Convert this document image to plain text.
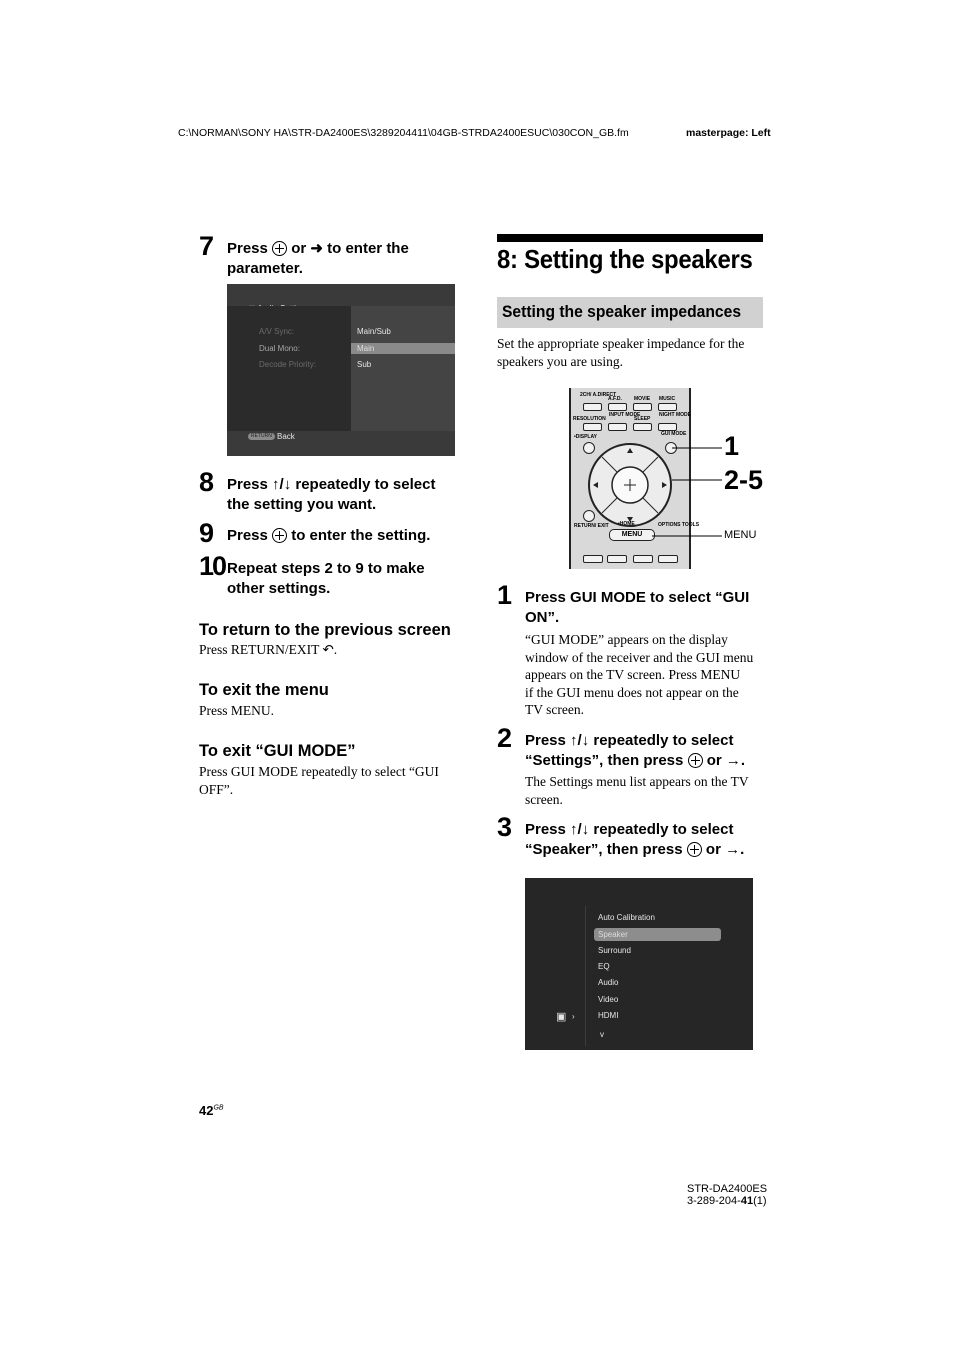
C:\NORMAN\SONY HA\STR-DA2400ES\3289204411\04GB-STRDA2400ESUC\030CON_GB.fm	masterpage: Left
7 Press or ➜ to enter the
parameter.
A/V Sync:
Dual Mono:
Decode Priority:
Main/Sub
Main
Sub
RETURN Back
8 Press ↑/↓ repeatedly to select
the setting you want.
9 Press to enter the setting.
10 Repeat steps 2 to 9 to make
other settings.
To return to the previous screen
Press RETURN/EXIT ↶.
To exit the menu
Press MENU.
To exit “GUI MODE”
Press GUI MODE repeatedly to select “GUI
OFF”.
8: Setting the speakers
Setting the speaker impedances
Set the appropriate speaker impedance for the
speakers you are using.
2CH/ A.DIRECT
A.F.D. MOVIE MUSIC
RESOLUTION
INPUT MODE
SLEEP
NIGHT MODE
•DISPLAY	GUI MODE
RETURN/ EXIT •HOME
MENU
OPTIONS TOOLS
1
2-5
MENU
1 Press GUI MODE to select “GUI
ON”.
“GUI MODE” appears on the display
window of the receiver and the GUI menu
appears on the TV screen. Press MENU
if the GUI menu does not appear on the
TV screen.
2 Press ↑/↓ repeatedly to select
“Settings”, then press or →.
The Settings menu list appears on the TV
screen.
3 Press ↑/↓ repeatedly to select
“Speaker”, then press or →.
Auto Calibration
Speaker
Surround
EQ
Audio
Video
HDMI
v
▣ ›
$42^{GB}$
STR-DA2400ES
3-289-204-41(1)
